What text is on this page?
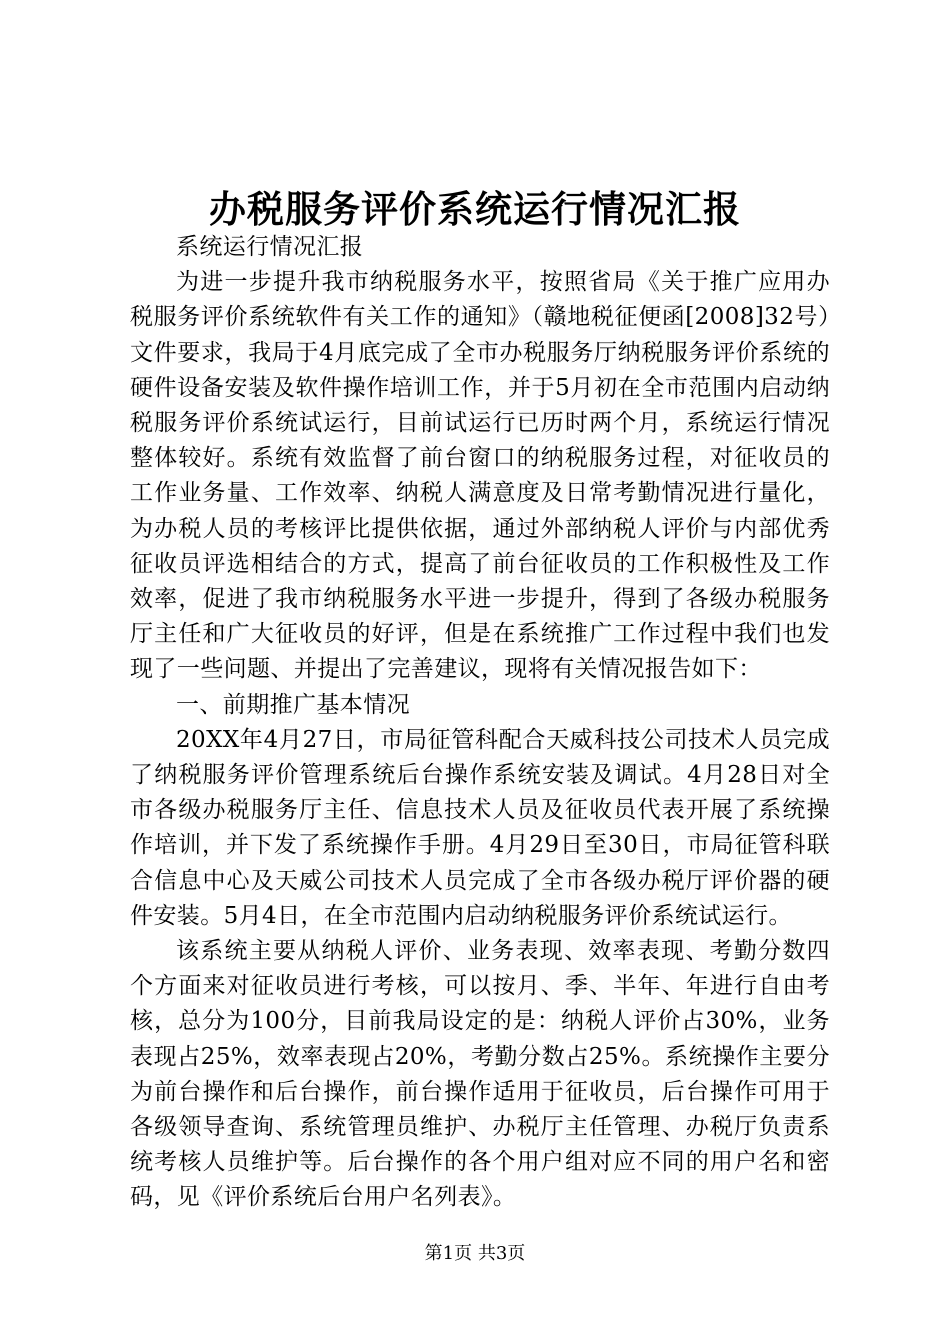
办税服务评价系统运行情况汇报

系统运行情况汇报

为进一步提升我市纳税服务水平，按照省局《关于推广应用办税服务评价系统软件有关工作的通知》（赣地税征便函[2008]32号）文件要求，我局于4月底完成了全市办税服务厅纳税服务评价系统的硬件设备安装及软件操作培训工作，并于5月初在全市范围内启动纳税服务评价系统试运行，目前试运行已历时两个月，系统运行情况整体较好。系统有效监督了前台窗口的纳税服务过程，对征收员的工作业务量、工作效率、纳税人满意度及日常考勤情况进行量化，为办税人员的考核评比提供依据，通过外部纳税人评价与内部优秀征收员评选相结合的方式，提高了前台征收员的工作积极性及工作效率，促进了我市纳税服务水平进一步提升，得到了各级办税服务厅主任和广大征收员的好评，但是在系统推广工作过程中我们也发现了一些问题、并提出了完善建议，现将有关情况报告如下：

一、前期推广基本情况

20XX年4月27日，市局征管科配合天威科技公司技术人员完成了纳税服务评价管理系统后台操作系统安装及调试。4月28日对全市各级办税服务厅主任、信息技术人员及征收员代表开展了系统操作培训，并下发了系统操作手册。4月29日至30日，市局征管科联合信息中心及天威公司技术人员完成了全市各级办税厅评价器的硬件安装。5月4日，在全市范围内启动纳税服务评价系统试运行。

该系统主要从纳税人评价、业务表现、效率表现、考勤分数四个方面来对征收员进行考核，可以按月、季、半年、年进行自由考核，总分为100分，目前我局设定的是：纳税人评价占30%，业务表现占25%，效率表现占20%，考勤分数占25%。系统操作主要分为前台操作和后台操作，前台操作适用于征收员，后台操作可用于各级领导查询、系统管理员维护、办税厅主任管理、办税厅负责系统考核人员维护等。后台操作的各个用户组对应不同的用户名和密码，见《评价系统后台用户名列表》。

第1页 共3页
